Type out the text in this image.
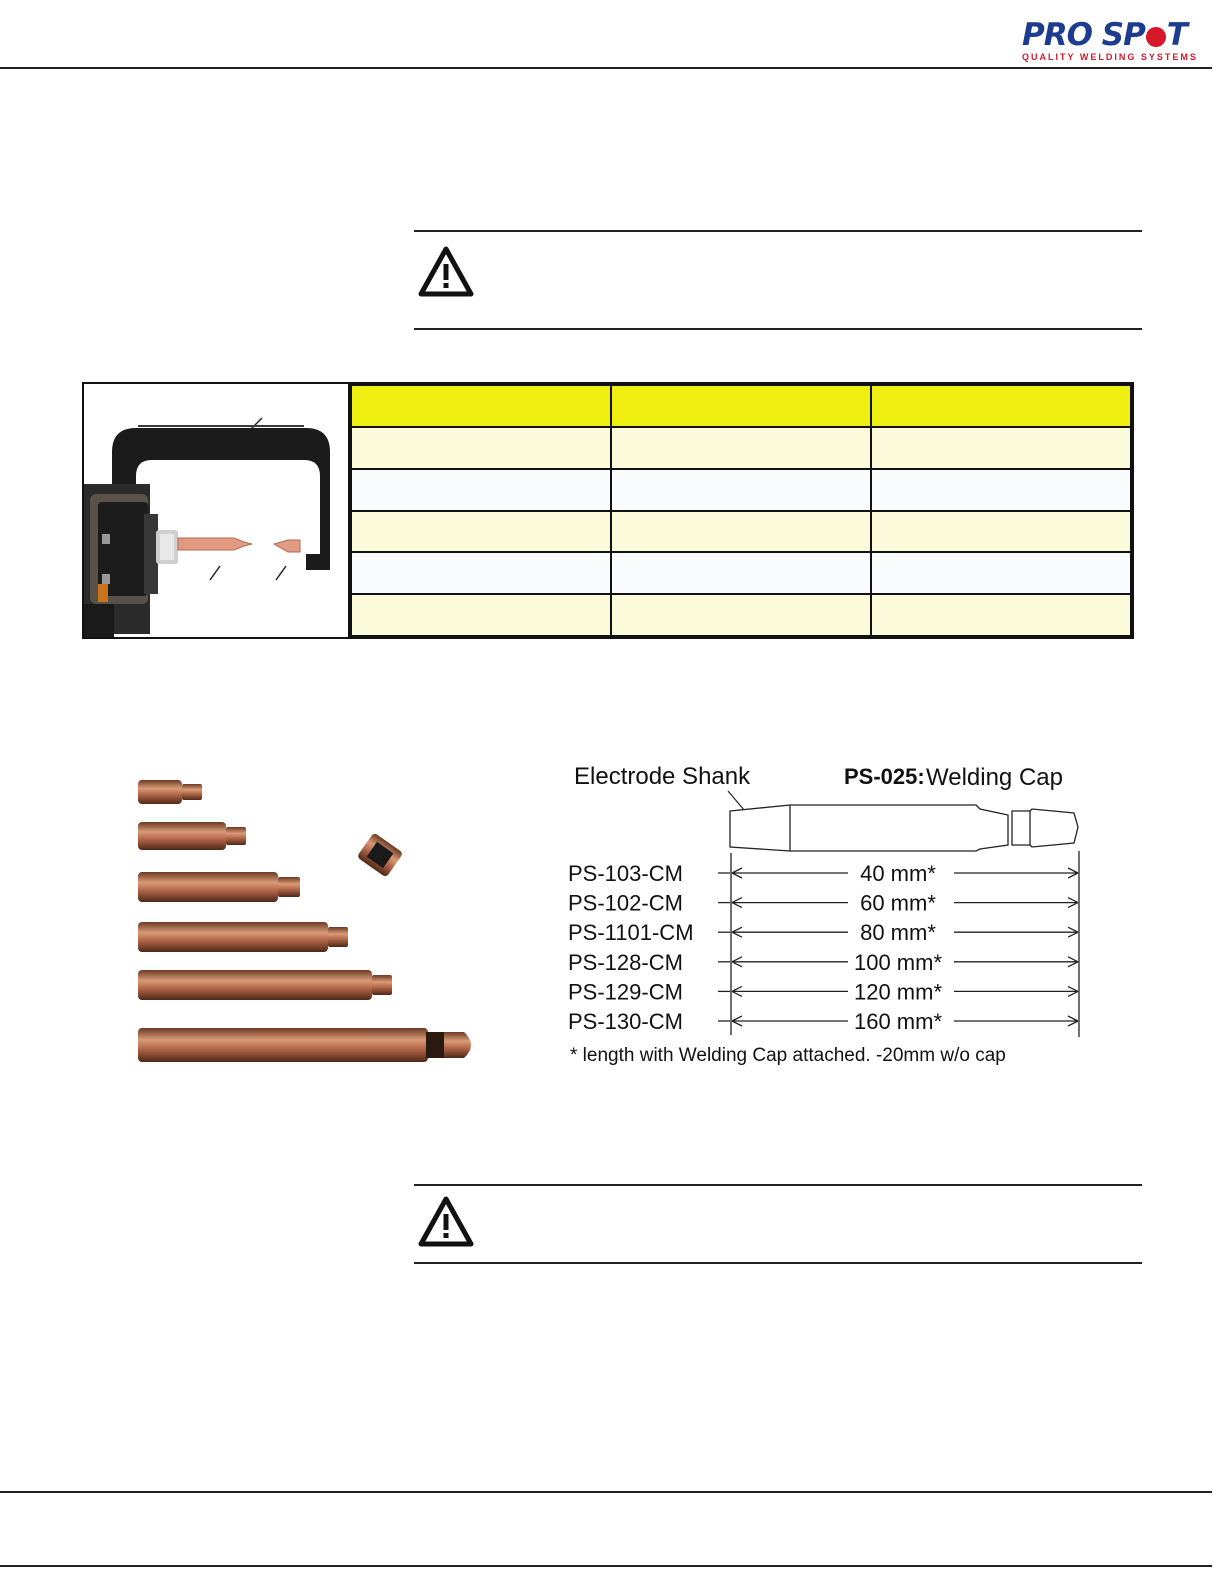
PRO SP T
QUALITY WELDING SYSTEMS

Electrode Shank	PS-025: Welding Cap
PS-103-CM	40 mm*
PS-102-CM	60 mm*
PS-1101-CM	80 mm*
PS-128-CM	100 mm*
PS-129-CM	120 mm*
PS-130-CM	160 mm*
* length with Welding Cap attached. -20mm w/o cap
